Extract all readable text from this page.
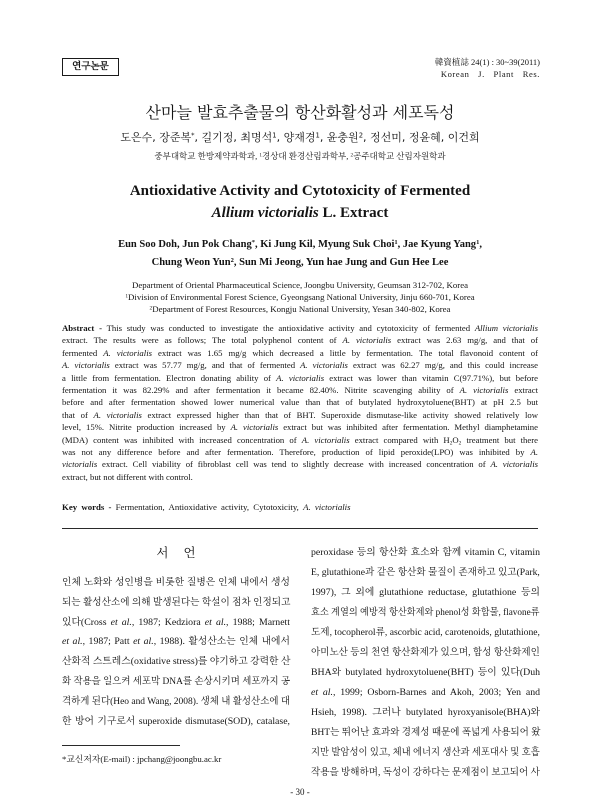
연구논문	韓資植誌 24(1) : 30~39(2011)
Korean J. Plant Res.
산마늘 발효추출물의 항산화활성과 세포독성
도은수, 장준복*, 길기정, 최명석$^1$, 양재경$^1$, 윤충원$^2$, 정선미, 정윤혜, 이건희
중부대학교 한방제약과학과, $^1$경상대 환경산림과학부, $^2$공주대학교 산림자원학과
Antioxidative Activity and Cytotoxicity of Fermented
Allium victorialis L. Extract
Eun Soo Doh, Jun Pok Chang*, Ki Jung Kil, Myung Suk Choi$^1$, Jae Kyung Yang$^1$,
Chung Weon Yun$^2$, Sun Mi Jeong, Yun hae Jung and Gun Hee Lee
Department of Oriental Pharmaceutical Science, Joongbu University, Geumsan 312-702, Korea
$^1$Division of Environmental Forest Science, Gyeongsang National University, Jinju 660-701, Korea
$^2$Department of Forest Resources, Kongju National University, Yesan 340-802, Korea
Abstract - This study was conducted to investigate the antioxidative activity and cytotoxicity of fermented Allium victorialis
extract. The results were as follows; The total polyphenol content of A. victorialis extract was 2.63 mg/g, and that of
fermented A. victorialis extract was 1.65 mg/g which decreased a little by fermentation. The total flavonoid content of
A. victorialis extract was 57.77 mg/g, and that of fermented A. victorialis extract was 62.27 mg/g, and this could increase
a little from fermentation. Electron donating ability of A. victorialis extract was lower than vitamin C(97.71%), but before
fermentation it was 82.29% and after fermentation it became 82.40%. Nitrite scavenging ability of A. victorialis extract
before and after fermentation showed lower numerical value than that of butylated hydroxytoluene(BHT) at pH 2.5 but
that of A. victorialis extract expressed higher than that of BHT. Superoxide dismutase-like activity showed relatively low
level, 15%. Nitrite production increased by A. victorialis extract but was inhibited after fermentation. Methyl diamphetamine
(MDA) content was inhibited with increased concentration of A. victorialis extract compared with $H_2O_2$ treatment but there
was not any difference before and after fermentation. Therefore, production of lipid peroxide(LPO) was inhibited by A.
victorialis extract. Cell viability of fibroblast cell was tend to slightly decrease with increased concentration of A. victorialis
extract, but not different with control.
Key words - Fermentation, Antioxidative activity, Cytotoxicity, A. victorialis
서 언
인체 노화와 성인병을 비롯한 질병은 인체 내에서 생성
되는 활성산소에 의해 발생된다는 학설이 점차 인정되고
있다(Cross et al., 1987; Kedziora et al., 1988; Marnett
et al., 1987; Patt et al., 1988). 활성산소는 인체 내에서
산화적 스트레스(oxidative stress)를 야기하고 강력한 산
화 작용을 일으켜 세포막 DNA를 손상시키며 세포까지 공
격하게 된다(Heo and Wang, 2008). 생체 내 활성산소에 대
한 방어 기구로서 superoxide dismutase(SOD), catalase,
*교신저자(E-mail) : jpchang@joongbu.ac.kr
peroxidase 등의 항산화 효소와 함께 vitamin C, vitamin
E, glutathione과 같은 항산화 물질이 존재하고 있고(Park,
1997), 그 외에 glutathione reductase, glutathione 등의
효소 계열의 예방적 항산화제와 phenol성 화합물, flavone류
도제, tocopherol류, ascorbic acid, carotenoids, glutathione,
아미노산 등의 천연 항산화제가 있으며, 합성 항산화제인
BHA와 butylated hydroxytoluene(BHT) 등이 있다(Duh
et al., 1999; Osborn-Barnes and Akoh, 2003; Yen and
Hsieh, 1998). 그러나 butylated hyroxyanisole(BHA)와
BHT는 뛰어난 효과와 경제성 때문에 폭넓게 사용되어 왔
지만 발암성이 있고, 체내 에너지 생산과 세포대사 및 호흡
작용을 방해하며, 독성이 강하다는 문제점이 보고되어 사
- 30 -
